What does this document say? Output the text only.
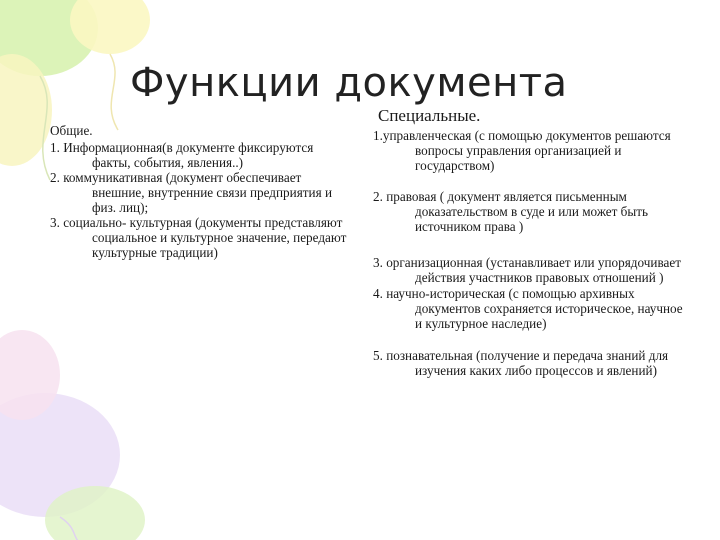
Функции документа
Специальные.

Общие.

1. Информационная(в документе фиксируются факты, события, явления..)

2. коммуникативная (документ обеспечивает внешние, внутренние связи предприятия и физ. лиц);

3. социально- культурная (документы представляют социальное и культурное значение, передают культурные традиции)

1.управленческая (с помощью документов решаются вопросы управления организацией и государством)

2. правовая ( документ является письменным доказательством в суде и или может быть источником права )

3. организационная (устанавливает или упорядочивает действия участников правовых отношений )

4. научно-историческая (с помощью архивных документов сохраняется историческое, научное и культурное наследие)

5. познавательная (получение и передача знаний для изучения каких либо процессов и явлений)
